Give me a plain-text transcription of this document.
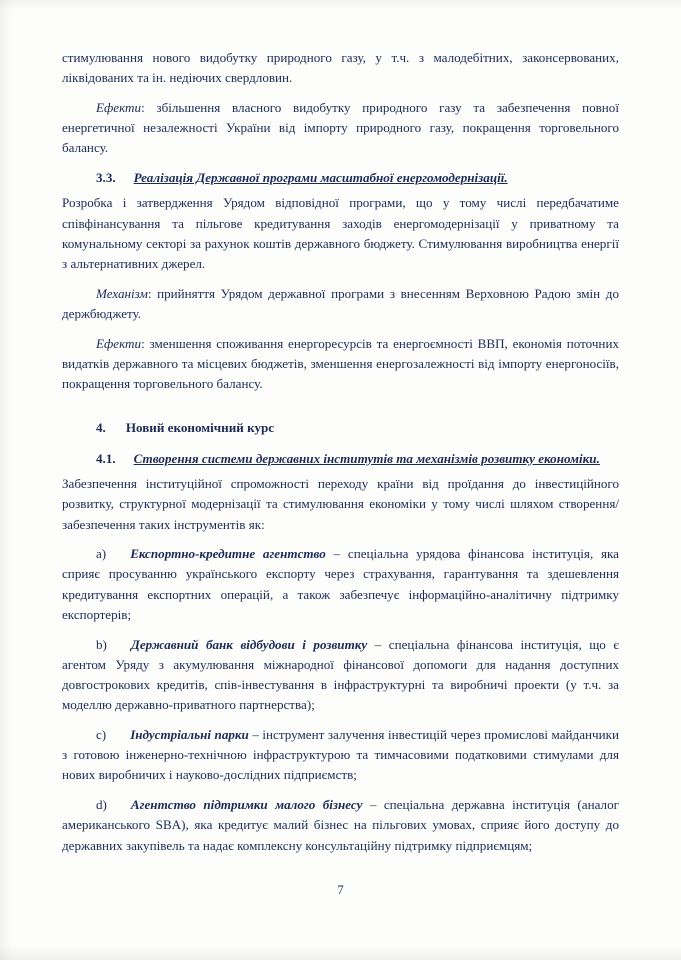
стимулювання нового видобутку природного газу, у т.ч. з малодебітних, законсервованих, ліквідованих та ін. недіючих свердловин.

Ефекти: збільшення власного видобутку природного газу та забезпечення повної енергетичної незалежності України від імпорту природного газу, покращення торговельного балансу.

3.3. Реалізація Державної програми масштабної енергомодернізації.

Розробка і затвердження Урядом відповідної програми, що у тому числі передбачатиме співфінансування та пільгове кредитування заходів енергомодернізації у приватному та комунальному секторі за рахунок коштів державного бюджету. Стимулювання виробництва енергії з альтернативних джерел.

Механізм: прийняття Урядом державної програми з внесенням Верховною Радою змін до держбюджету.

Ефекти: зменшення споживання енергоресурсів та енергоємності ВВП, економія поточних видатків державного та місцевих бюджетів, зменшення енергозалежності від імпорту енергоносіїв, покращення торговельного балансу.

4. Новий економічний курс

4.1. Створення системи державних інститутів та механізмів розвитку економіки.

Забезпечення інституційної спроможності переходу країни від проїдання до інвестиційного розвитку, структурної модернізації та стимулювання економіки у тому числі шляхом створення/забезпечення таких інструментів як:

a) Експортно-кредитне агентство – спеціальна урядова фінансова інституція, яка сприяє просуванню українського експорту через страхування, гарантування та здешевлення кредитування експортних операцій, а також забезпечує інформаційно-аналітичну підтримку експортерів;

b) Державний банк відбудови і розвитку – спеціальна фінансова інституція, що є агентом Уряду з акумулювання міжнародної фінансової допомоги для надання доступних довгострокових кредитів, спів-інвестування в інфраструктурні та виробничі проекти (у т.ч. за моделлю державно-приватного партнерства);

c) Індустріальні парки – інструмент залучення інвестицій через промислові майданчики з готовою інженерно-технічною інфраструктурою та тимчасовими податковими стимулами для нових виробничих і науково-дослідних підприємств;

d) Агентство підтримки малого бізнесу – спеціальна державна інституція (аналог американського SBA), яка кредитує малий бізнес на пільгових умовах, сприяє його доступу до державних закупівель та надає комплексну консультаційну підтримку підприємцям;

7
